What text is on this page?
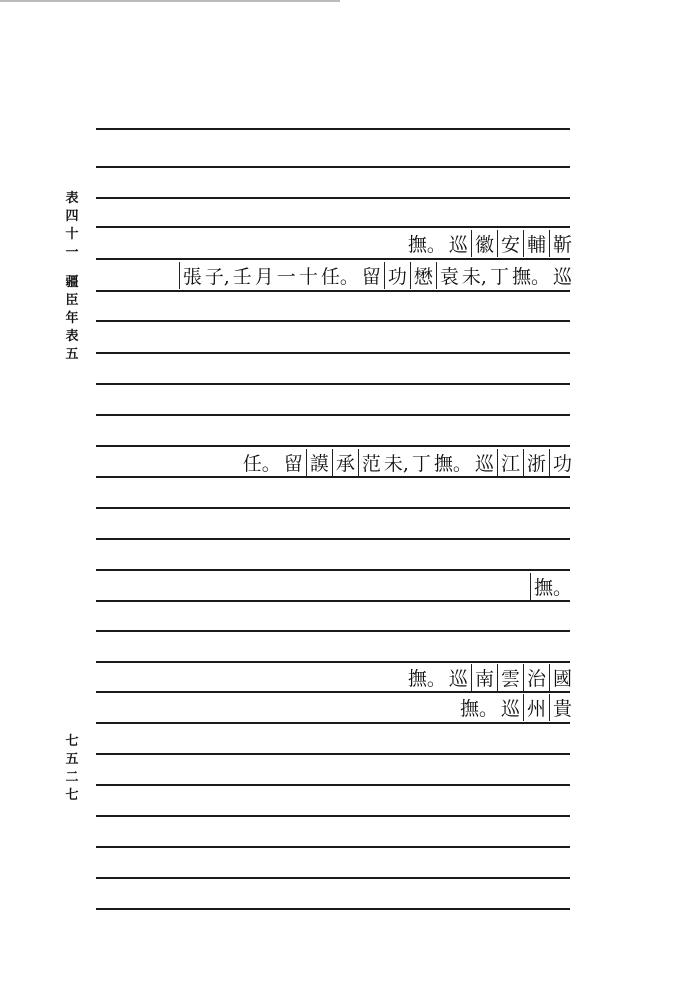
表
四
十
一
疆
臣
年
表
五
七
五
二
七
撫。 巡 徽 安 輔 靳
張 子, 壬 月 一 十 任。 留 功 懋 袁 未, 丁 撫。 巡
任。 留 謨 承 范 未, 丁 撫。 巡 江 浙 功
撫。
撫。 巡 南 雲 治 國
撫。 巡 州 貴
